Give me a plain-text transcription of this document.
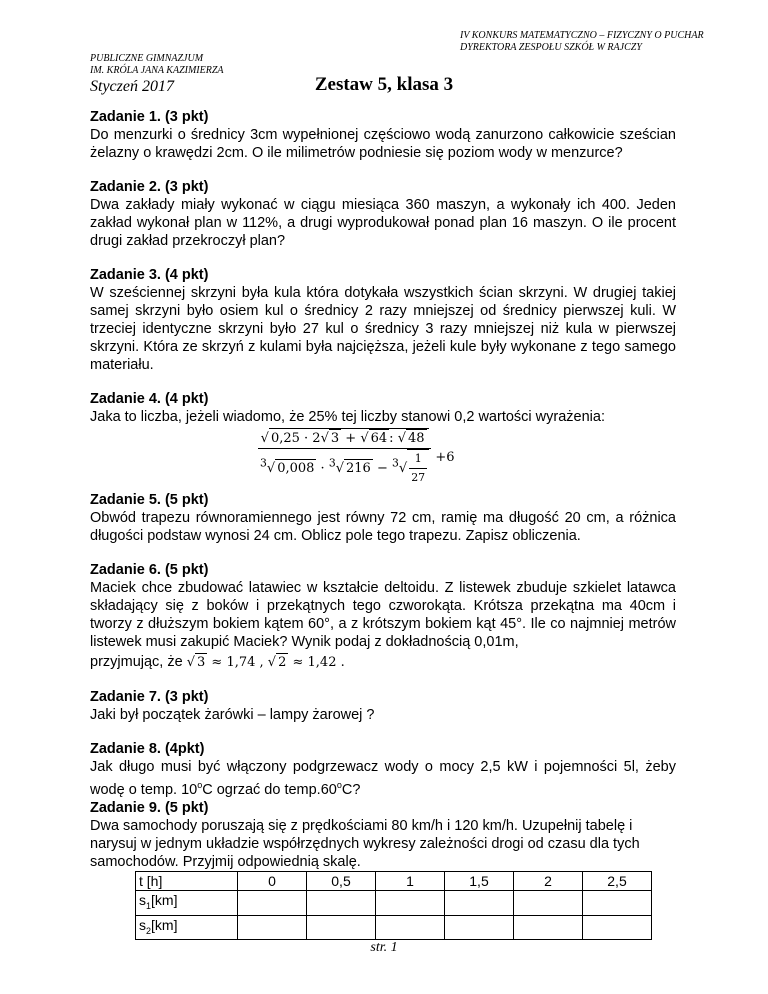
IV KONKURS MATEMATYCZNO – FIZYCZNY O PUCHAR
DYREKTORA ZESPOŁU SZKÓŁ W RAJCZY
PUBLICZNE GIMNAZJUM
IM. KRÓLA JANA KAZIMIERZA
Styczeń 2017	Zestaw 5, klasa 3
Zadanie 1. (3 pkt)
Do menzurki o średnicy 3cm wypełnionej częściowo wodą zanurzono całkowicie sześcian żelazny o krawędzi 2cm. O ile milimetrów podniesie się poziom wody w menzurce?
Zadanie 2. (3 pkt)
Dwa zakłady miały wykonać w ciągu miesiąca 360 maszyn, a wykonały ich 400. Jeden zakład wykonał plan w 112%, a drugi wyprodukował ponad plan 16 maszyn. O ile procent drugi zakład przekroczył plan?
Zadanie 3. (4 pkt)
W sześciennej skrzyni była kula która dotykała wszystkich ścian skrzyni. W drugiej takiej samej skrzyni było osiem kul o średnicy 2 razy mniejszej od średnicy pierwszej kuli. W trzeciej identyczne skrzyni było 27 kul o średnicy 3 razy mniejszej niż kula w pierwszej skrzyni. Która ze skrzyń z kulami była najcięższa, jeżeli kule były wykonane z tego samego materiału.
Zadanie 4. (4 pkt)
Jaka to liczba, jeżeli wiadomo, że 25% tej liczby stanowi 0,2 wartości wyrażenia:
$\frac{√ 0,25 \cdot 2√ 3 + √ 64 : √ 48}{^3√ 0,008 \cdot ^3√ 216 - ^3√ \frac{1}{27}} +6$
Zadanie 5. (5 pkt)
Obwód trapezu równoramiennego jest równy 72 cm, ramię ma długość 20 cm, a różnica długości podstaw wynosi 24 cm. Oblicz pole tego trapezu. Zapisz obliczenia.
Zadanie 6. (5 pkt)
Maciek chce zbudować latawiec w kształcie deltoidu. Z listewek zbuduje szkielet latawca składający się z boków i przekątnych tego czworokąta. Krótsza przekątna ma 40cm i tworzy z dłuższym bokiem kątem 60°, a z krótszym bokiem kąt 45°. Ile co najmniej metrów listewek musi zakupić Maciek? Wynik podaj z dokładnością 0,01m,
przyjmując, że √ 3 ≈ 1,74 , √ 2 ≈ 1,42 .
Zadanie 7. (3 pkt)
Jaki był początek żarówki – lampy żarowej ?
Zadanie 8. (4pkt)
Jak długo musi być włączony podgrzewacz wody o mocy 2,5 kW i pojemności 5l, żeby wodę o temp. 10$^o$C ogrzać do temp.60$^o$C?
Zadanie 9. (5 pkt)
Dwa samochody poruszają się z prędkościami 80 km/h i 120 km/h. Uzupełnij tabelę i narysuj w jednym układzie współrzędnych wykresy zależności drogi od czasu dla tych samochodów. Przyjmij odpowiednią skalę.
t [h]	0	0,5	1	1,5	2	2,5
$s_1[km]$						
$s_2[km]$						
str. 1
